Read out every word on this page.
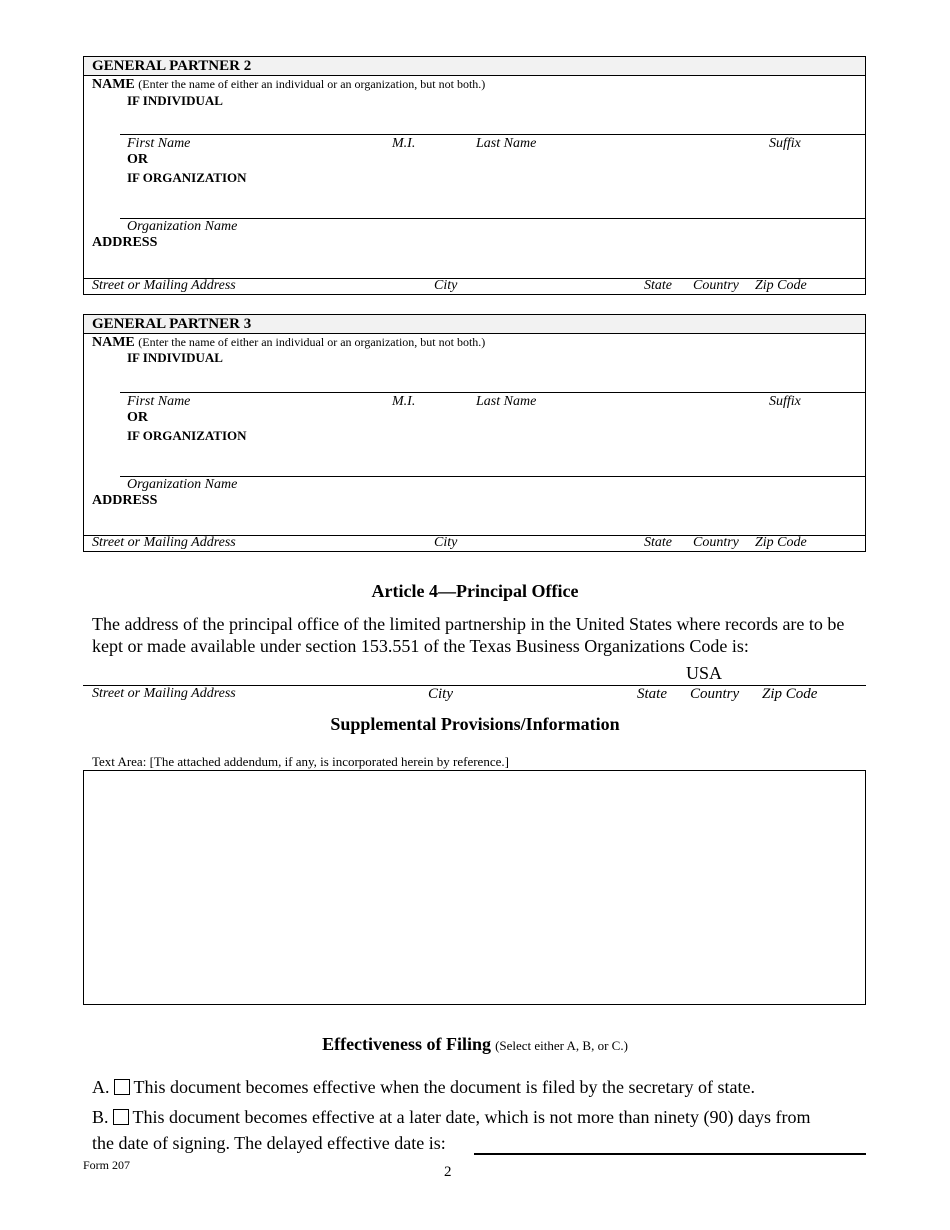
GENERAL PARTNER 2
NAME (Enter the name of either an individual or an organization, but not both.)
IF INDIVIDUAL
First Name	M.I.	Last Name	Suffix
OR
IF ORGANIZATION
Organization Name
ADDRESS
Street or Mailing Address	City	State Country Zip Code
GENERAL PARTNER 3
NAME (Enter the name of either an individual or an organization, but not both.)
IF INDIVIDUAL
First Name	M.I.	Last Name	Suffix
OR
IF ORGANIZATION
Organization Name
ADDRESS
Street or Mailing Address	City	State Country Zip Code
Article 4—Principal Office
The address of the principal office of the limited partnership in the United States where records are to be kept or made available under section 153.551 of the Texas Business Organizations Code is:
USA
Street or Mailing Address	City	State Country Zip Code
Supplemental Provisions/Information
Text Area: [The attached addendum, if any, is incorporated herein by reference.]
Effectiveness of Filing (Select either A, B, or C.)
A. This document becomes effective when the document is filed by the secretary of state.
B. This document becomes effective at a later date, which is not more than ninety (90) days from
the date of signing. The delayed effective date is:
Form 207	2
